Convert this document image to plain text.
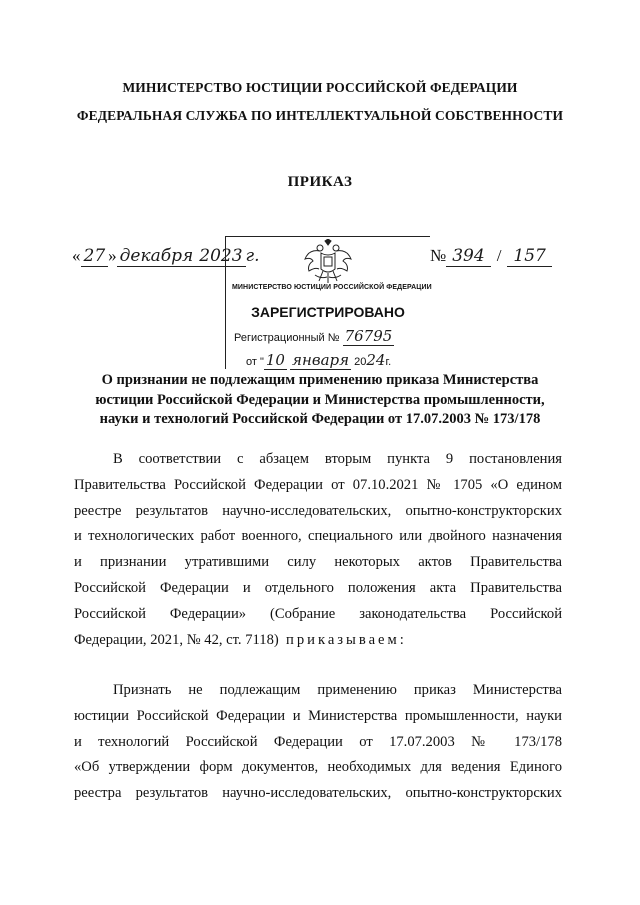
МИНИСТЕРСТВО ЮСТИЦИИ РОССИЙСКОЙ ФЕДЕРАЦИИ
ФЕДЕРАЛЬНАЯ СЛУЖБА ПО ИНТЕЛЛЕКТУАЛЬНОЙ СОБСТВЕННОСТИ
ПРИКАЗ
« 27 » декабря 2023 г.
МИНИСТЕРСТВО ЮСТИЦИИ РОССИЙСКОЙ ФЕДЕРАЦИИ
ЗАРЕГИСТРИРОВАНО
Регистрационный № 76795
от " 10 января 2024г.
№ 394 / 157
О признании не подлежащим применению приказа Министерства
юстиции Российской Федерации и Министерства промышленности,
науки и технологий Российской Федерации от 17.07.2003 № 173/178
В соответствии с абзацем вторым пункта 9 постановления
Правительства Российской Федерации от 07.10.2021 № 1705 «О едином
реестре результатов научно-исследовательских, опытно-конструкторских
и технологических работ военного, специального или двойного назначения
и признании утратившими силу некоторых актов Правительства
Российской Федерации и отдельного положения акта Правительства
Российской Федерации» (Собрание законодательства Российской
Федерации, 2021, № 42, ст. 7118) приказываем:
Признать не подлежащим применению приказ Министерства
юстиции Российской Федерации и Министерства промышленности, науки
и технологий Российской Федерации от 17.07.2003 № 173/178
«Об утверждении форм документов, необходимых для ведения Единого
реестра результатов научно-исследовательских, опытно-конструкторских
